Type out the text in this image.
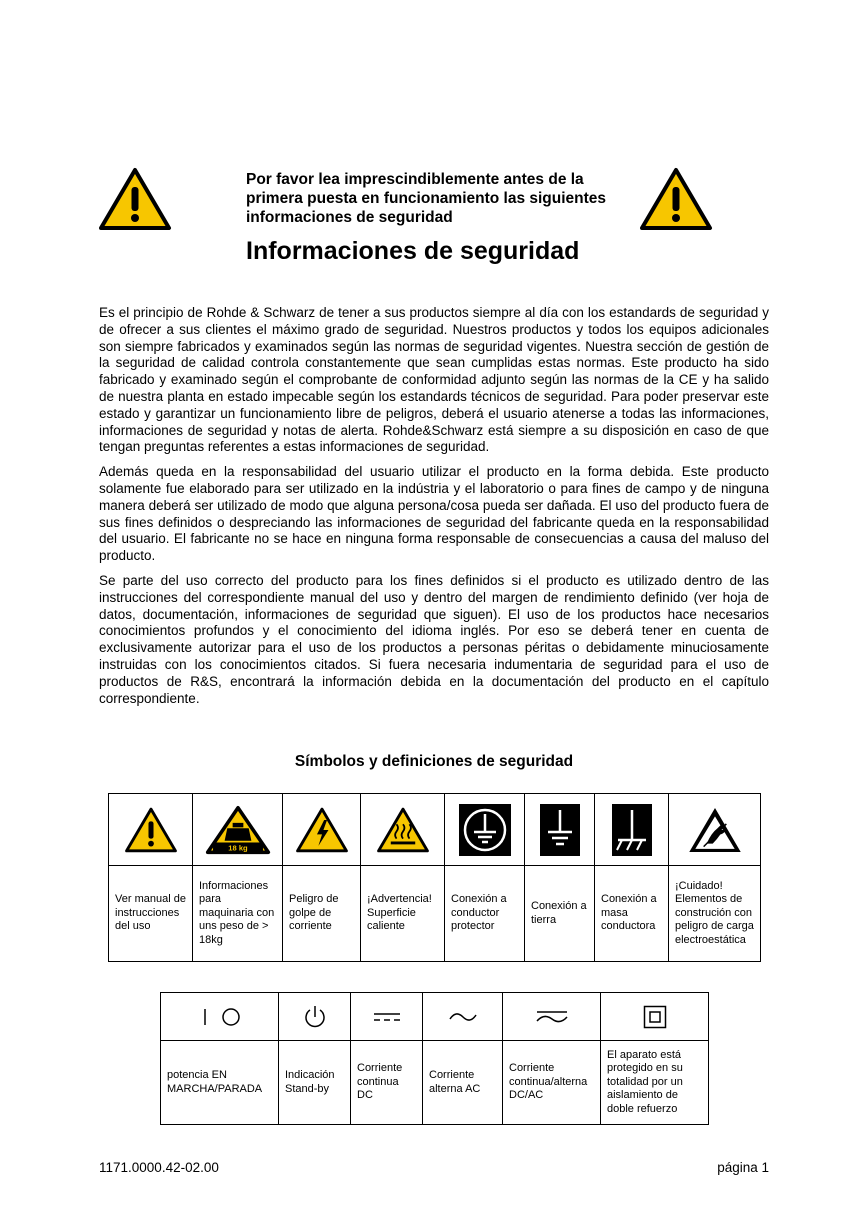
Por favor lea imprescindiblemente antes de la primera puesta en funcionamiento las siguientes informaciones de seguridad
Informaciones de seguridad

Es el principio de Rohde & Schwarz de tener a sus productos siempre al día con los estandards de seguridad y de ofrecer a sus clientes el máximo grado de seguridad. Nuestros productos y todos los equipos adicionales son siempre fabricados y examinados según las normas de seguridad vigentes. Nuestra sección de gestión de la seguridad de calidad controla constantemente que sean cumplidas estas normas. Este producto ha sido fabricado y examinado según el comprobante de conformidad adjunto según las normas de la CE y ha salido de nuestra planta en estado impecable según los estandards técnicos de seguridad. Para poder preservar este estado y garantizar un funcionamiento libre de peligros, deberá el usuario atenerse a todas las informaciones, informaciones de seguridad y notas de alerta. Rohde&Schwarz está siempre a su disposición en caso de que tengan preguntas referentes a estas informaciones de seguridad.

Además queda en la responsabilidad del usuario utilizar el producto en la forma debida. Este producto solamente fue elaborado para ser utilizado en la indústria y el laboratorio o para fines de campo y de ninguna manera deberá ser utilizado de modo que alguna persona/cosa pueda ser dañada. El uso del producto fuera de sus fines definidos o despreciando las informaciones de seguridad del fabricante queda en la responsabilidad del usuario. El fabricante no se hace en ninguna forma responsable de consecuencias a causa del maluso del producto.

Se parte del uso correcto del producto para los fines definidos si el producto es utilizado dentro de las instrucciones del correspondiente manual del uso y dentro del margen de rendimiento definido (ver hoja de datos, documentación, informaciones de seguridad que siguen). El uso de los productos hace necesarios conocimientos profundos y el conocimiento del idioma inglés. Por eso se deberá tener en cuenta de exclusivamente autorizar para el uso de los productos a personas péritas o debidamente minuciosamente instruidas con los conocimientos citados. Si fuera necesaria indumentaria de seguridad para el uso de productos de R&S, encontrará la información debida en la documentación del producto en el capítulo correspondiente.

Símbolos y definiciones de seguridad

18 kg

Ver manual de instrucciones del uso	Informaciones para maquinaria con uns peso de > 18kg	Peligro de golpe de corriente	¡Advertencia! Superficie caliente	Conexión a conductor protector	Conexión a tierra	Conexión a masa conductora	¡Cuidado! Elementos de construción con peligro de carga electroestática

potencia EN MARCHA/PARADA	Indicación Stand-by	Corriente continua DC	Corriente alterna AC	Corriente continua/alterna DC/AC	El aparato está protegido en su totalidad por un aislamiento de doble refuerzo
1171.0000.42-02.00	página 1
